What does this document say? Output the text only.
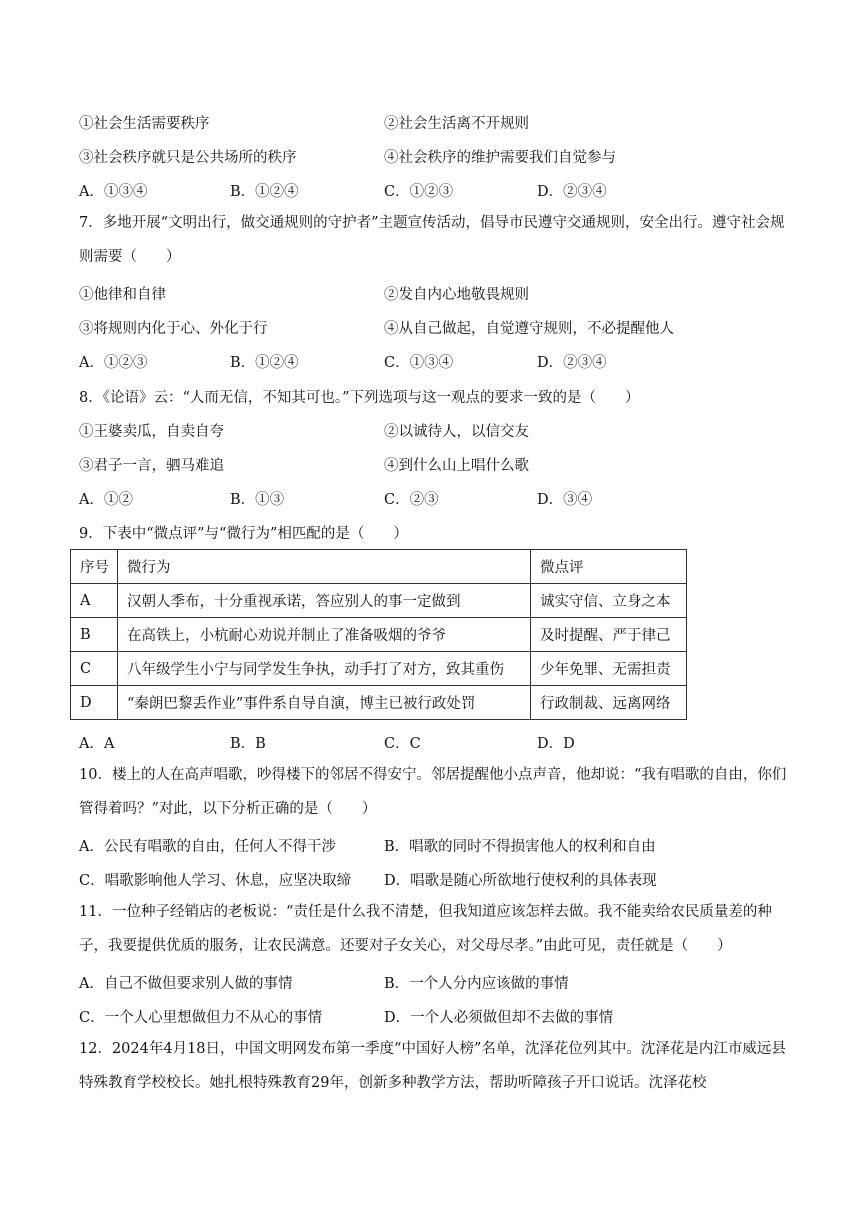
①社会生活需要秩序	②社会生活离不开规则
③社会秩序就只是公共场所的秩序	④社会秩序的维护需要我们自觉参与
A．①③④	B．①②④	C．①②③	D．②③④
7．多地开展“文明出行，做交通规则的守护者”主题宣传活动，倡导市民遵守交通规则，安全出行。遵守社会规则需要（　　）
①他律和自律	②发自内心地敬畏规则
③将规则内化于心、外化于行	④从自己做起，自觉遵守规则，不必提醒他人
A．①②③	B．①②④	C．①③④	D．②③④
8．《论语》云：“人而无信，不知其可也。”下列选项与这一观点的要求一致的是（　　）
①王婆卖瓜，自卖自夸	②以诚待人，以信交友
③君子一言，驷马难追	④到什么山上唱什么歌
A．①②	B．①③	C．②③	D．③④
9．下表中“微点评”与“微行为”相匹配的是（　　）
序号	微行为	微点评
A	汉朝人季布，十分重视承诺，答应别人的事一定做到	诚实守信、立身之本
B	在高铁上，小杭耐心劝说并制止了准备吸烟的爷爷	及时提醒、严于律己
C	八年级学生小宁与同学发生争执，动手打了对方，致其重伤	少年免罪、无需担责
D	“秦朗巴黎丢作业”事件系自导自演，博主已被行政处罚	行政制裁、远离网络
A．A	B．B	C．C	D．D
10．楼上的人在高声唱歌，吵得楼下的邻居不得安宁。邻居提醒他小点声音，他却说：“我有唱歌的自由，你们管得着吗？”对此，以下分析正确的是（　　）
A．公民有唱歌的自由，任何人不得干涉	B．唱歌的同时不得损害他人的权利和自由
C．唱歌影响他人学习、休息，应坚决取缔 D．唱歌是随心所欲地行使权利的具体表现
11．一位种子经销店的老板说：“责任是什么我不清楚，但我知道应该怎样去做。我不能卖给农民质量差的种子，我要提供优质的服务，让农民满意。还要对子女关心，对父母尽孝。”由此可见，责任就是（　　）
A．自己不做但要求别人做的事情	B．一个人分内应该做的事情
C．一个人心里想做但力不从心的事情	D．一个人必须做但却不去做的事情
12．2024年4月18日，中国文明网发布第一季度“中国好人榜”名单，沈泽花位列其中。沈泽花是内江市威远县特殊教育学校校长。她扎根特殊教育29年，创新多种教学方法，帮助听障孩子开口说话。沈泽花校
